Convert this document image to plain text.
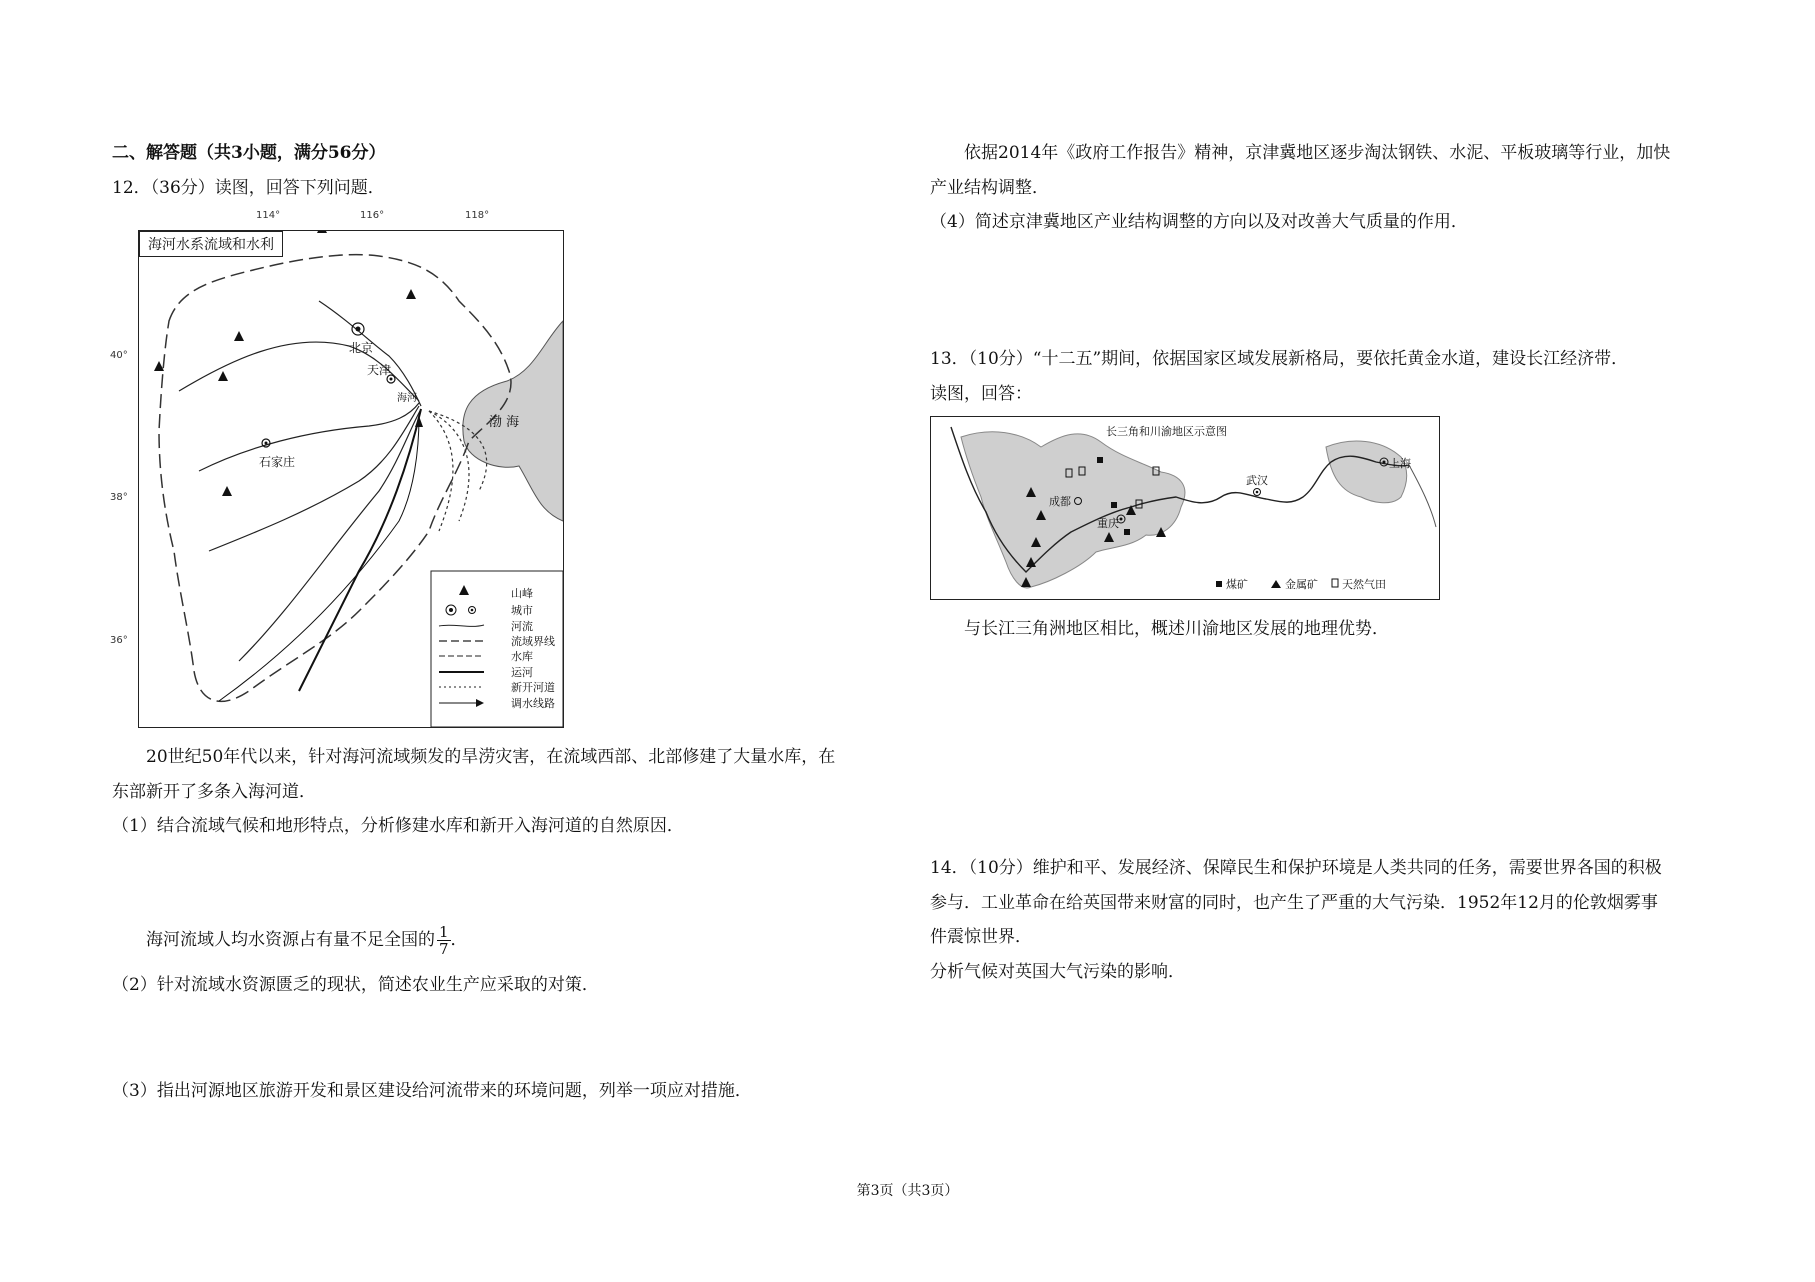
二、解答题（共3小题，满分56分）
12．（36分）读图，回答下列问题．
114°	116°	118°
40°
38°
36°
海河水系流域和水利
北京
天津
石家庄
海河
渤 海
山峰
城市
河流
流域界线
水库
运河
新开河道
调水线路
20世纪50年代以来，针对海河流域频发的旱涝灾害，在流域西部、北部修建了大量水库，在
东部新开了多条入海河道．
（1）结合流域气候和地形特点，分析修建水库和新开入海河道的自然原因．
海河流域人均水资源占有量不足全国的 $\frac{1}{7}$ ．
（2）针对流域水资源匮乏的现状，简述农业生产应采取的对策．
（3）指出河源地区旅游开发和景区建设给河流带来的环境问题，列举一项应对措施．
依据2014年《政府工作报告》精神，京津冀地区逐步淘汰钢铁、水泥、平板玻璃等行业，加快
产业结构调整．
（4）简述京津冀地区产业结构调整的方向以及对改善大气质量的作用．
13．（10分）“十二五”期间，依据国家区域发展新格局，要依托黄金水道，建设长江经济带．
读图，回答：
长三角和川渝地区示意图
成都
重庆
武汉
上海
煤矿	金属矿 天然气田
与长江三角洲地区相比，概述川渝地区发展的地理优势．
14．（10分）维护和平、发展经济、保障民生和保护环境是人类共同的任务，需要世界各国的积极
参与．工业革命在给英国带来财富的同时，也产生了严重的大气污染．1952年12月的伦敦烟雾事
件震惊世界．
分析气候对英国大气污染的影响．
第3页（共3页）
